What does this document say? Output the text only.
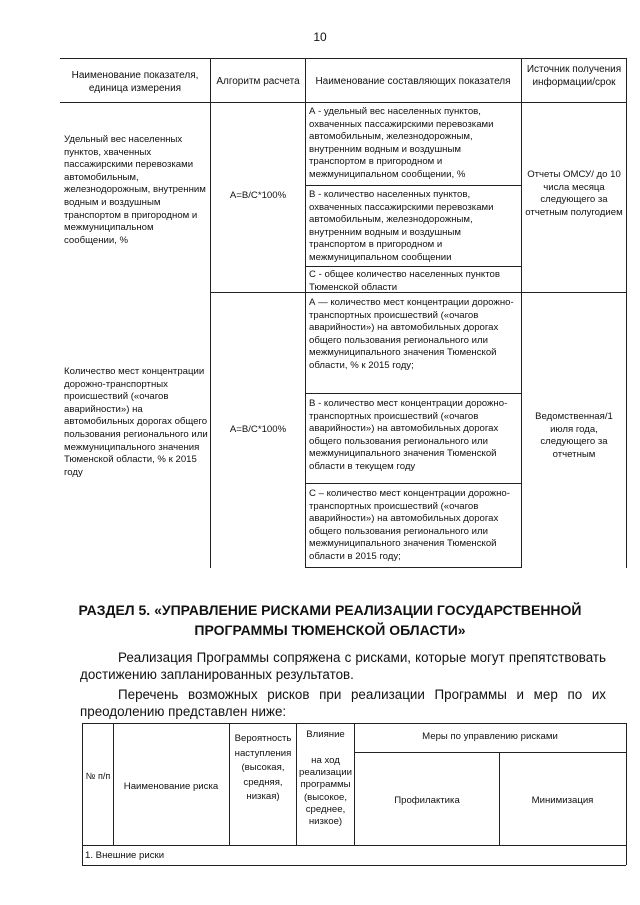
10
Наименование показателя, единица измерения
Алгоритм расчета	Наименование составляющих показателя
Источник получения информации/срок
Удельный вес населенных пунктов, хваченных пассажирскими перевозками автомобильным, железнодорожным, внутренним водным и воздушным транспортом в пригородном и межмуниципальном сообщении, %
A=B/C*100%
А - удельный вес населенных пунктов, охваченных пассажирскими перевозками автомобильным, железнодорожным, внутренним водным и воздушным транспортом в пригородном и межмуниципальном сообщении, %
В - количество населенных пунктов, охваченных пассажирскими перевозками автомобильным, железнодорожным, внутренним водным и воздушным транспортом в пригородном и межмуниципальном сообщении
С - общее количество населенных пунктов Тюменской области
Отчеты ОМСУ/ до 10 числа месяца следующего за отчетным полугодием
Количество мест концентрации дорожно-транспортных происшествий («очагов аварийности») на автомобильных дорогах общего пользования регионального или межмуниципального значения Тюменской области, % к 2015 году
A=B/C*100%
А — количество мест концентрации дорожно-транспортных происшествий («очагов аварийности») на автомобильных дорогах общего пользования регионального или межмуниципального значения Тюменской области, % к 2015 году;
В - количество мест концентрации дорожно-транспортных происшествий («очагов аварийности») на автомобильных дорогах общего пользования регионального или межмуниципального значения Тюменской области в текущем году
С – количество мест концентрации дорожно-транспортных происшествий («очагов аварийности») на автомобильных дорогах общего пользования регионального или межмуниципального значения Тюменской области в 2015 году;
Ведомственная/1 июля года, следующего за отчетным
РАЗДЕЛ 5. «УПРАВЛЕНИЕ РИСКАМИ РЕАЛИЗАЦИИ ГОСУДАРСТВЕННОЙ ПРОГРАММЫ ТЮМЕНСКОЙ ОБЛАСТИ»
Реализация Программы сопряжена с рисками, которые могут препятствовать достижению запланированных результатов.
Перечень возможных рисков при реализации Программы и мер по их преодолению представлен ниже:
№ п/п
Наименование риска
Вероятность наступления (высокая, средняя, низкая)
Влияние
на ход реализации программы (высокое, среднее, низкое)
Меры по управлению рисками
Профилактика	Минимизация
1. Внешние риски
